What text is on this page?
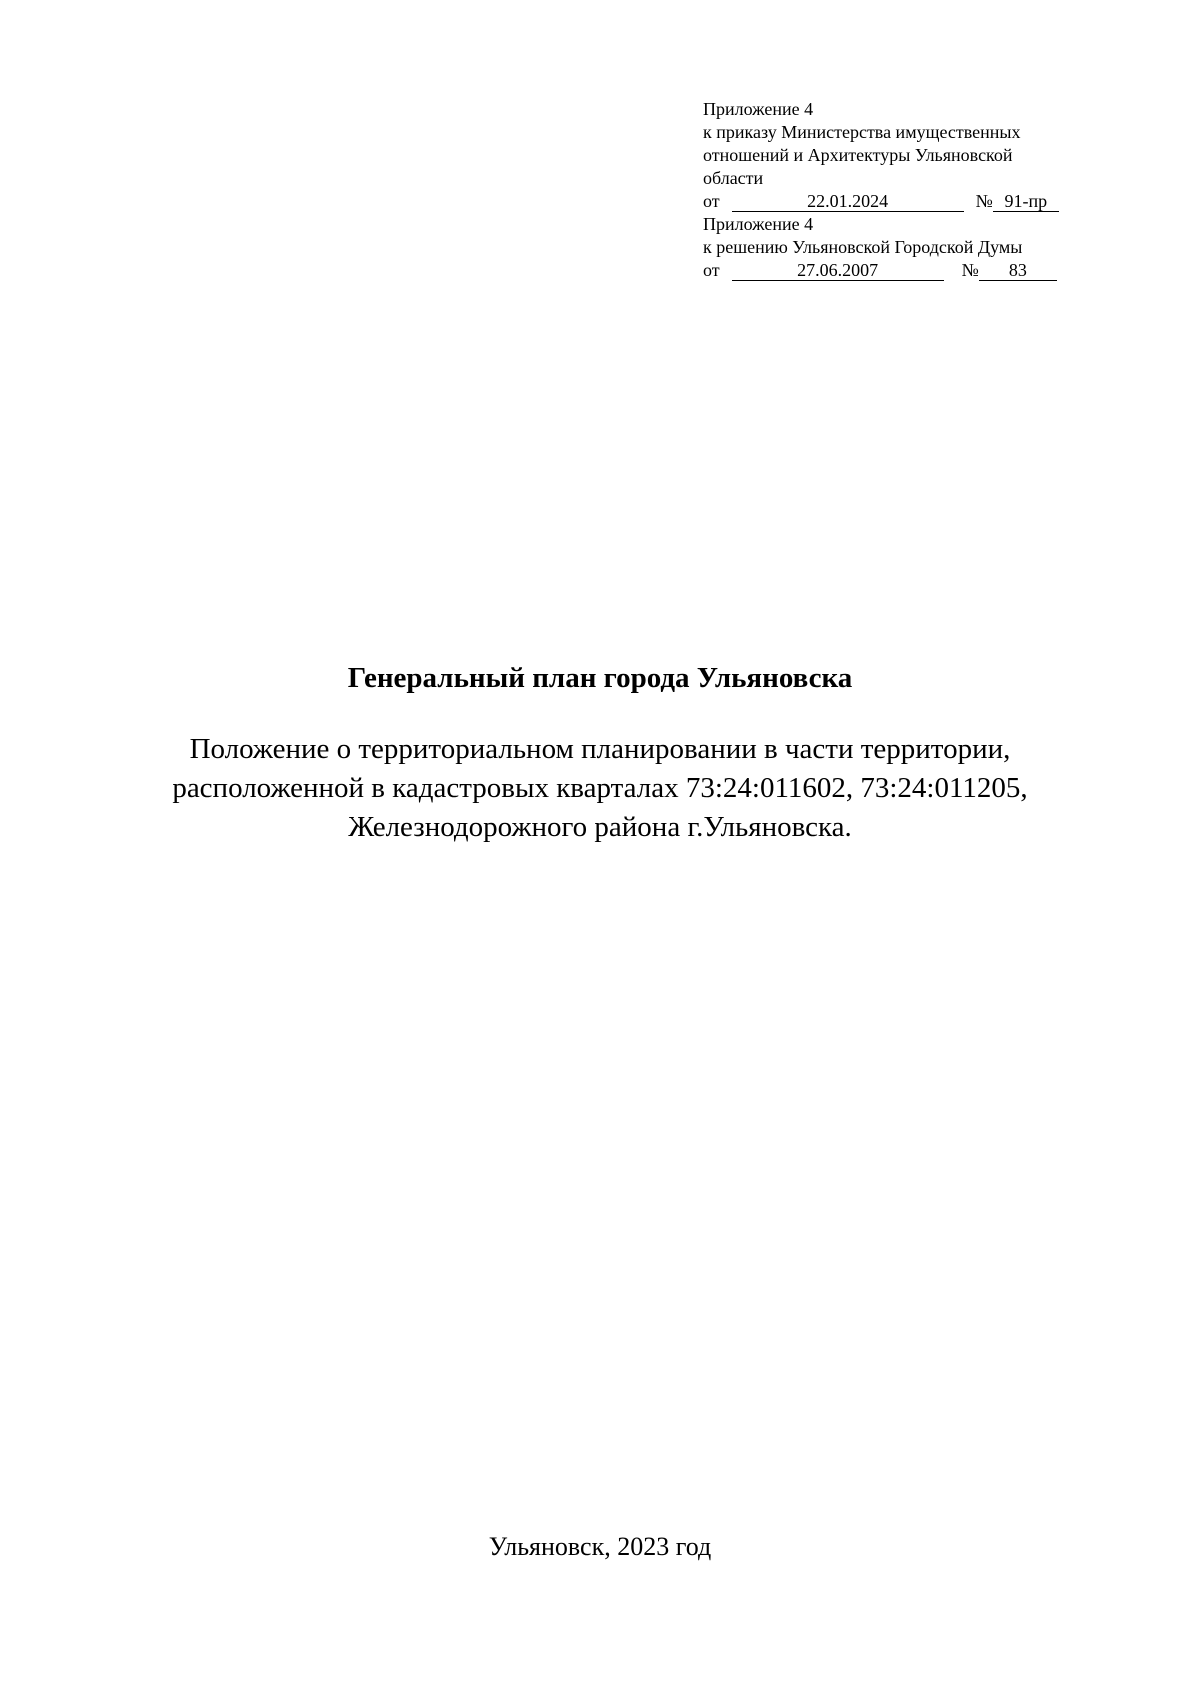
Приложение 4
к приказу Министерства имущественных
отношений и Архитектуры Ульяновской
области
от	22.01.2024	№ 91-пр
Приложение 4
к решению Ульяновской Городской Думы
от	27.06.2007	№ 83
Генеральный план города Ульяновска
Положение о территориальном планировании в части территории,
расположенной в кадастровых кварталах 73:24:011602, 73:24:011205,
Железнодорожного района г.Ульяновска.
Ульяновск, 2023 год
